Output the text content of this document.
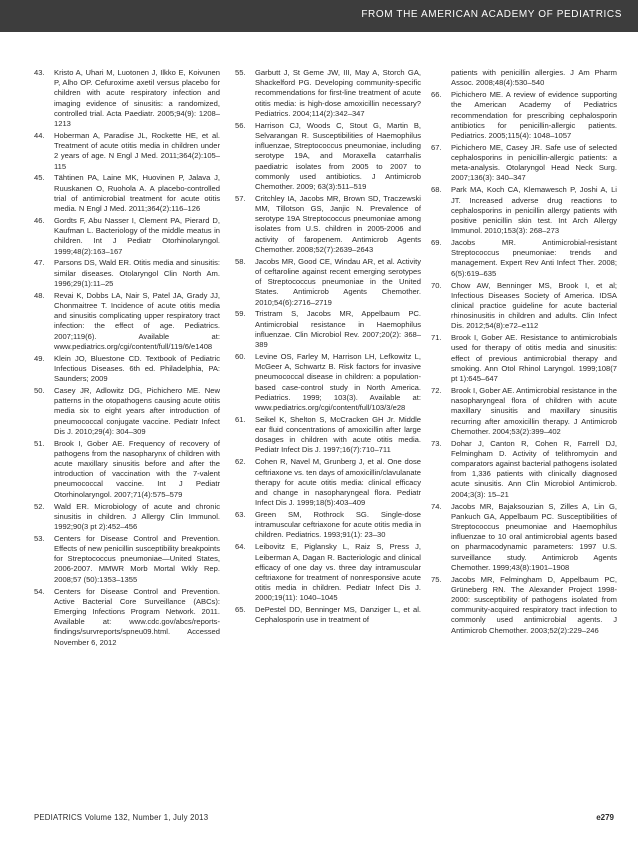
FROM THE AMERICAN ACADEMY OF PEDIATRICS
43. Kristo A, Uhari M, Luotonen J, Ilkko E, Koivunen P, Alho OP. Cefuroxime axetil versus placebo for children with acute respiratory infection and imaging evidence of sinusitis: a randomized, controlled trial. Acta Paediatr. 2005;94(9): 1208–1213
44. Hoberman A, Paradise JL, Rockette HE, et al. Treatment of acute otitis media in children under 2 years of age. N Engl J Med. 2011;364(2):105–115
45. Tähtinen PA, Laine MK, Huovinen P, Jalava J, Ruuskanen O, Ruohola A. A placebo-controlled trial of antimicrobial treatment for acute otitis media. N Engl J Med. 2011;364(2):116–126
46. Gordts F, Abu Nasser I, Clement PA, Pierard D, Kaufman L. Bacteriology of the middle meatus in children. Int J Pediatr Otorhinolaryngol. 1999;48(2):163–167
47. Parsons DS, Wald ER. Otitis media and sinusitis: similar diseases. Otolaryngol Clin North Am. 1996;29(1):11–25
48. Revai K, Dobbs LA, Nair S, Patel JA, Grady JJ, Chonmaitree T. Incidence of acute otitis media and sinusitis complicating upper respiratory tract infection: the effect of age. Pediatrics. 2007;119(6). Available at: www.pediatrics.org/cgi/content/full/119/6/e1408
49. Klein JO, Bluestone CD. Textbook of Pediatric Infectious Diseases. 6th ed. Philadelphia, PA: Saunders; 2009
50. Casey JR, Adlowitz DG, Pichichero ME. New patterns in the otopathogens causing acute otitis media six to eight years after introduction of pneumococcal conjugate vaccine. Pediatr Infect Dis J. 2010;29(4): 304–309
51. Brook I, Gober AE. Frequency of recovery of pathogens from the nasopharynx of children with acute maxillary sinusitis before and after the introduction of vaccination with the 7-valent pneumococcal vaccine. Int J Pediatr Otorhinolaryngol. 2007;71(4):575–579
52. Wald ER. Microbiology of acute and chronic sinusitis in children. J Allergy Clin Immunol. 1992;90(3 pt 2):452–456
53. Centers for Disease Control and Prevention. Effects of new penicillin susceptibility breakpoints for Streptococcus pneumoniae—United States, 2006-2007. MMWR Morb Mortal Wkly Rep. 2008;57 (50):1353–1355
54. Centers for Disease Control and Prevention. Active Bacterial Core Surveillance (ABCs): Emerging Infections Program Network. 2011. Available at: www.cdc.gov/abcs/reports-findings/survreports/spneu09.html. Accessed November 6, 2012
55. Garbutt J, St Geme JW, III, May A, Storch GA, Shackelford PG. Developing community-specific recommendations for first-line treatment of acute otitis media: is high-dose amoxicillin necessary? Pediatrics. 2004;114(2):342–347
56. Harrison CJ, Woods C, Stout G, Martin B, Selvarangan R. Susceptibilities of Haemophilus influenzae, Streptococcus pneumoniae, including serotype 19A, and Moraxella catarrhalis paediatric isolates from 2005 to 2007 to commonly used antibiotics. J Antimicrob Chemother. 2009; 63(3):511–519
57. Critchley IA, Jacobs MR, Brown SD, Traczewski MM, Tillotson GS, Janjic N. Prevalence of serotype 19A Streptococcus pneumoniae among isolates from U.S. children in 2005-2006 and activity of faropenem. Antimicrob Agents Chemother. 2008;52(7):2639–2643
58. Jacobs MR, Good CE, Windau AR, et al. Activity of ceftaroline against recent emerging serotypes of Streptococcus pneumoniae in the United States. Antimicrob Agents Chemother. 2010;54(6):2716–2719
59. Tristram S, Jacobs MR, Appelbaum PC. Antimicrobial resistance in Haemophilus influenzae. Clin Microbiol Rev. 2007;20(2): 368–389
60. Levine OS, Farley M, Harrison LH, Lefkowitz L, McGeer A, Schwartz B. Risk factors for invasive pneumococcal disease in children: a population-based case-control study in North America. Pediatrics. 1999; 103(3). Available at: www.pediatrics.org/cgi/content/full/103/3/e28
61. Seikel K, Shelton S, McCracken GH Jr. Middle ear fluid concentrations of amoxicillin after large dosages in children with acute otitis media. Pediatr Infect Dis J. 1997;16(7):710–711
62. Cohen R, Navel M, Grunberg J, et al. One dose ceftriaxone vs. ten days of amoxicillin/clavulanate therapy for acute otitis media: clinical efficacy and change in nasopharyngeal flora. Pediatr Infect Dis J. 1999;18(5):403–409
63. Green SM, Rothrock SG. Single-dose intramuscular ceftriaxone for acute otitis media in children. Pediatrics. 1993;91(1): 23–30
64. Leibovitz E, Piglansky L, Raiz S, Press J, Leiberman A, Dagan R. Bacteriologic and clinical efficacy of one day vs. three day intramuscular ceftriaxone for treatment of nonresponsive acute otitis media in children. Pediatr Infect Dis J. 2000;19(11): 1040–1045
65. DePestel DD, Benninger MS, Danziger L, et al. Cephalosporin use in treatment of
patients with penicillin allergies. J Am Pharm Assoc. 2008;48(4):530–540
66. Pichichero ME. A review of evidence supporting the American Academy of Pediatrics recommendation for prescribing cephalosporin antibiotics for penicillin-allergic patients. Pediatrics. 2005;115(4): 1048–1057
67. Pichichero ME, Casey JR. Safe use of selected cephalosporins in penicillin-allergic patients: a meta-analysis. Otolaryngol Head Neck Surg. 2007;136(3): 340–347
68. Park MA, Koch CA, Klemawesch P, Joshi A, Li JT. Increased adverse drug reactions to cephalosporins in penicillin allergy patients with positive penicillin skin test. Int Arch Allergy Immunol. 2010;153(3): 268–273
69. Jacobs MR. Antimicrobial-resistant Streptococcus pneumoniae: trends and management. Expert Rev Anti Infect Ther. 2008; 6(5):619–635
70. Chow AW, Benninger MS, Brook I, et al; Infectious Diseases Society of America. IDSA clinical practice guideline for acute bacterial rhinosinusitis in children and adults. Clin Infect Dis. 2012;54(8):e72–e112
71. Brook I, Gober AE. Resistance to antimicrobials used for therapy of otitis media and sinusitis: effect of previous antimicrobial therapy and smoking. Ann Otol Rhinol Laryngol. 1999;108(7 pt 1):645–647
72. Brook I, Gober AE. Antimicrobial resistance in the nasopharyngeal flora of children with acute maxillary sinusitis and maxillary sinusitis recurring after amoxicillin therapy. J Antimicrob Chemother. 2004;53(2):399–402
73. Dohar J, Canton R, Cohen R, Farrell DJ, Felmingham D. Activity of telithromycin and comparators against bacterial pathogens isolated from 1,336 patients with clinically diagnosed acute sinusitis. Ann Clin Microbiol Antimicrob. 2004;3(3): 15–21
74. Jacobs MR, Bajaksouzian S, Zilles A, Lin G, Pankuch GA, Appelbaum PC. Susceptibilities of Streptococcus pneumoniae and Haemophilus influenzae to 10 oral antimicrobial agents based on pharmacodynamic parameters: 1997 U.S. surveillance study. Antimicrob Agents Chemother. 1999;43(8):1901–1908
75. Jacobs MR, Felmingham D, Appelbaum PC, Grüneberg RN. The Alexander Project 1998-2000: susceptibility of pathogens isolated from community-acquired respiratory tract infection to commonly used antimicrobial agents. J Antimicrob Chemother. 2003;52(2):229–246
PEDIATRICS Volume 132, Number 1, July 2013	e279
